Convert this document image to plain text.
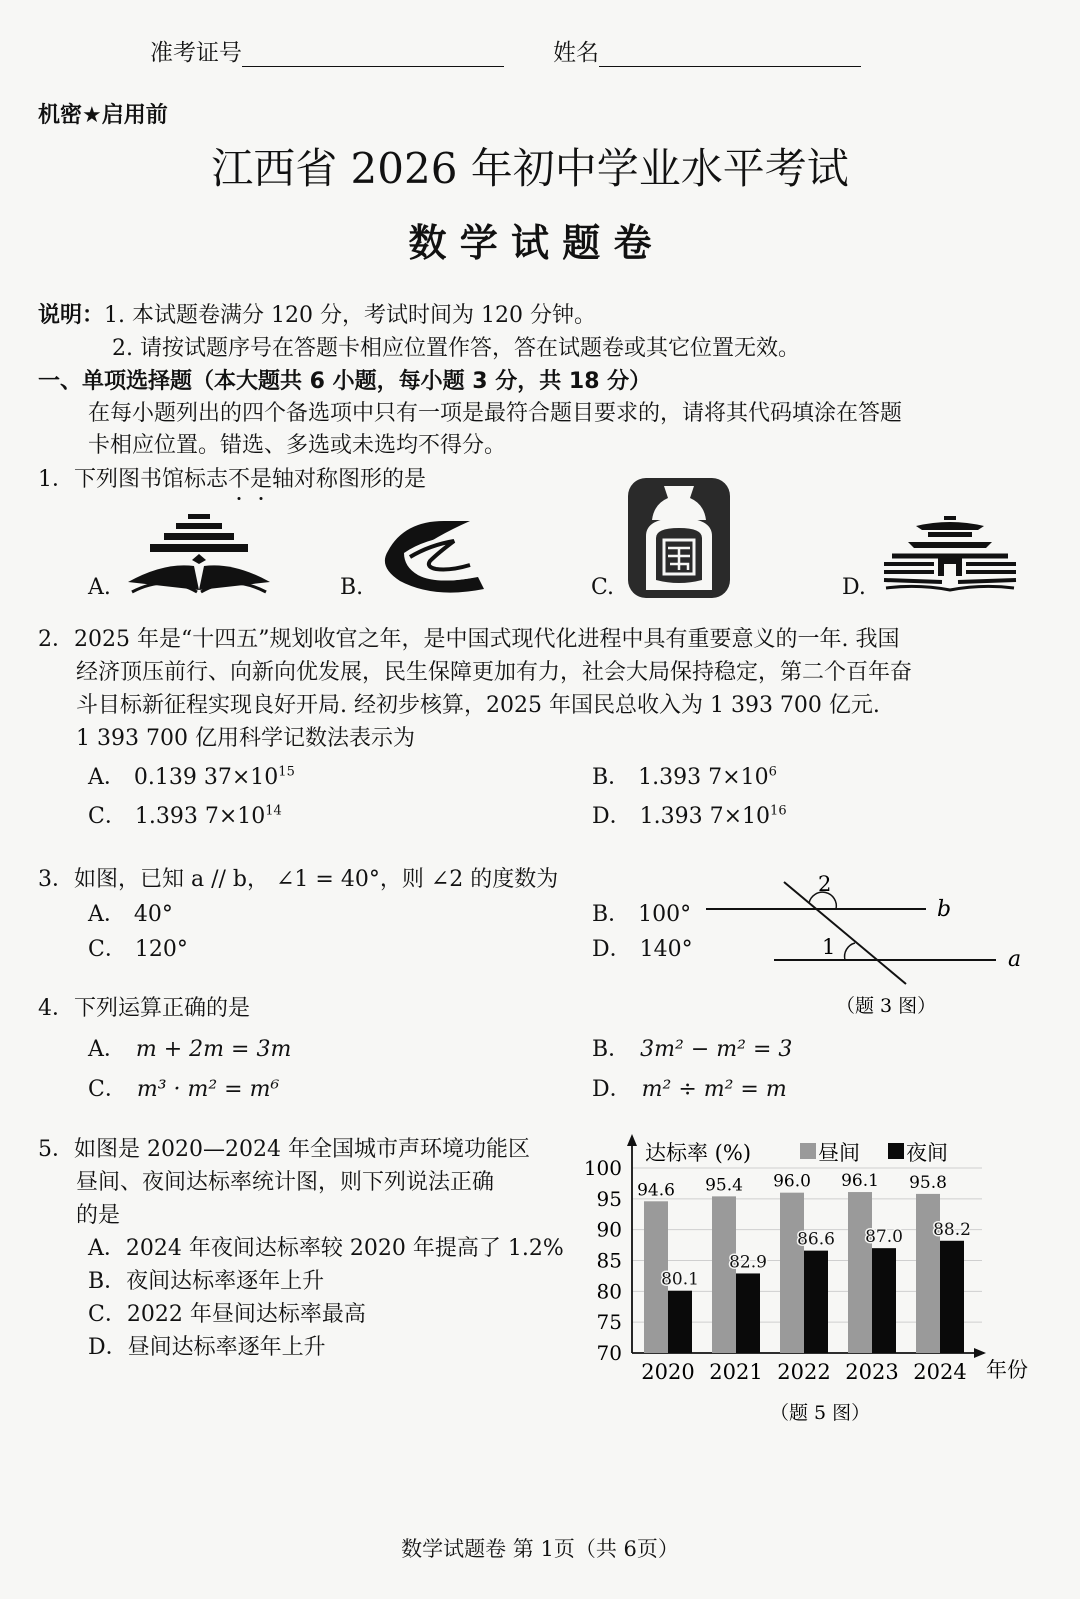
准考证号	姓名
机密★启用前
江西省 2026 年初中学业水平考试
数 学 试 题 卷
说明：1. 本试题卷满分 120 分，考试时间为 120 分钟。
2. 请按试题序号在答题卡相应位置作答，答在试题卷或其它位置无效。
一、单项选择题（本大题共 6 小题，每小题 3 分，共 18 分）
在每小题列出的四个备选项中只有一项是最符合题目要求的，请将其代码填涂在答题
卡相应位置。错选、多选或未选均不得分。
1．下列图书馆标志不是轴对称图形的是
A.	B.	C.	D.
2．2025 年是“十四五”规划收官之年，是中国式现代化进程中具有重要意义的一年. 我国
经济顶压前行、向新向优发展，民生保障更加有力，社会大局保持稳定，第二个百年奋
斗目标新征程实现良好开局. 经初步核算，2025 年国民总收入为 1 393 700 亿元.
1 393 700 亿用科学记数法表示为
A． 0.139 $37\times 10^{15}$	B． 1.393 $7\times 10^6$
C． 1.393 $7\times 10^{14}$	D． 1.393 $7\times 10^{16}$
3．如图，已知 a // b， ∠1 = 40°，则 ∠2 的度数为
A． 40°	B． 100°
C． 120°	D． 140°
2
1
b
a
（题 3 图）
4．下列运算正确的是
A． m + 2m = 3m	B． 3m² − m² = 3
C． m³ · m² = m⁶	D． m² ÷ m² = m
5．如图是 2020—2024 年全国城市声环境功能区
昼间、夜间达标率统计图，则下列说法正确
的是
A．2024 年夜间达标率较 2020 年提高了 1.2%
B．夜间达标率逐年上升
C．2022 年昼间达标率最高
D．昼间达标率逐年上升	70
75
80
85
90
95
100
达标率 (%)	昼间 夜间
94.6
80.1
2020
95.4
82.9
2021
96.0
86.6
2022
96.1
87.0
2023
95.8
88.2
2024 年份
（题 5 图）
数学试题卷 第 1页（共 6页）
